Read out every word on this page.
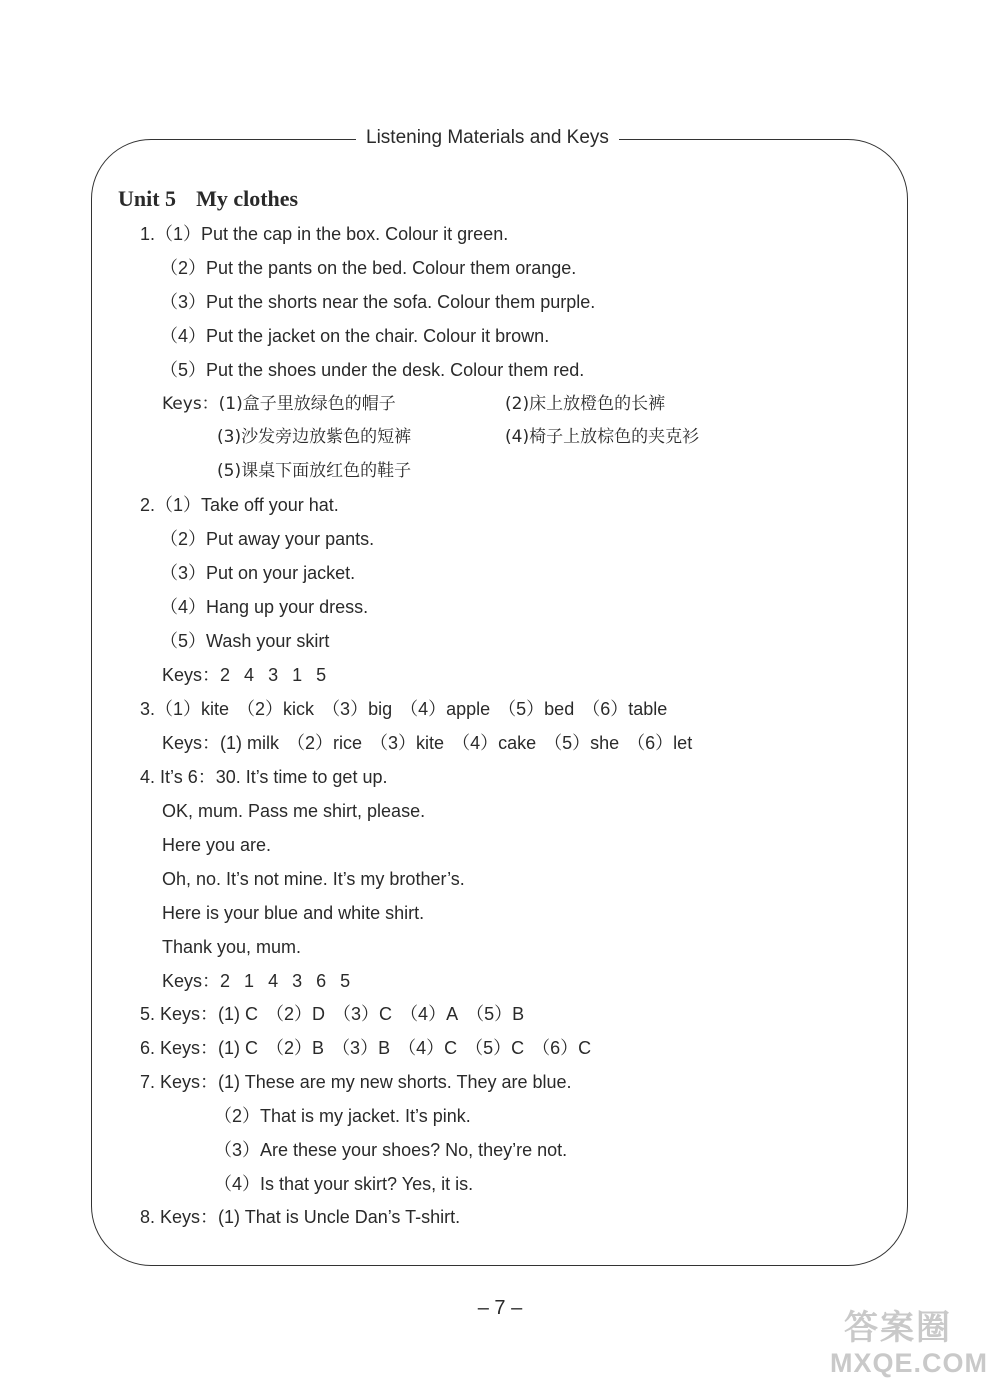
Listening Materials and Keys
Unit 5 My clothes
1.（1）Put the cap in the box. Colour it green.
（2）Put the pants on the bed. Colour them orange.
（3）Put the shorts near the sofa. Colour them purple.
（4）Put the jacket on the chair. Colour it brown.
（5）Put the shoes under the desk. Colour them red.
Keys：(1)盒子里放绿色的帽子	(2)床上放橙色的长裤
(3)沙发旁边放紫色的短裤	(4)椅子上放棕色的夹克衫
(5)课桌下面放红色的鞋子
2.（1）Take off your hat.
（2）Put away your pants.
（3）Put on your jacket.
（4）Hang up your dress.
（5）Wash your skirt
Keys：2 4 3 1 5
3.（1）kite （2）kick （3）big （4）apple （5）bed （6）table
Keys：(1) milk （2）rice （3）kite （4）cake （5）she （6）let
4. It’s 6：30. It’s time to get up.
OK, mum. Pass me shirt, please.
Here you are.
Oh, no. It’s not mine. It’s my brother’s.
Here is your blue and white shirt.
Thank you, mum.
Keys：2 1 4 3 6 5
5. Keys：(1) C （2）D （3）C （4）A （5）B
6. Keys：(1) C （2）B （3）B （4）C （5）C （6）C
7. Keys：(1) These are my new shorts. They are blue.
（2）That is my jacket. It’s pink.
（3）Are these your shoes? No, they’re not.
（4）Is that your skirt? Yes, it is.
8. Keys：(1) That is Uncle Dan’s T-shirt.
– 7 –	答案圈
MXQE.COM
